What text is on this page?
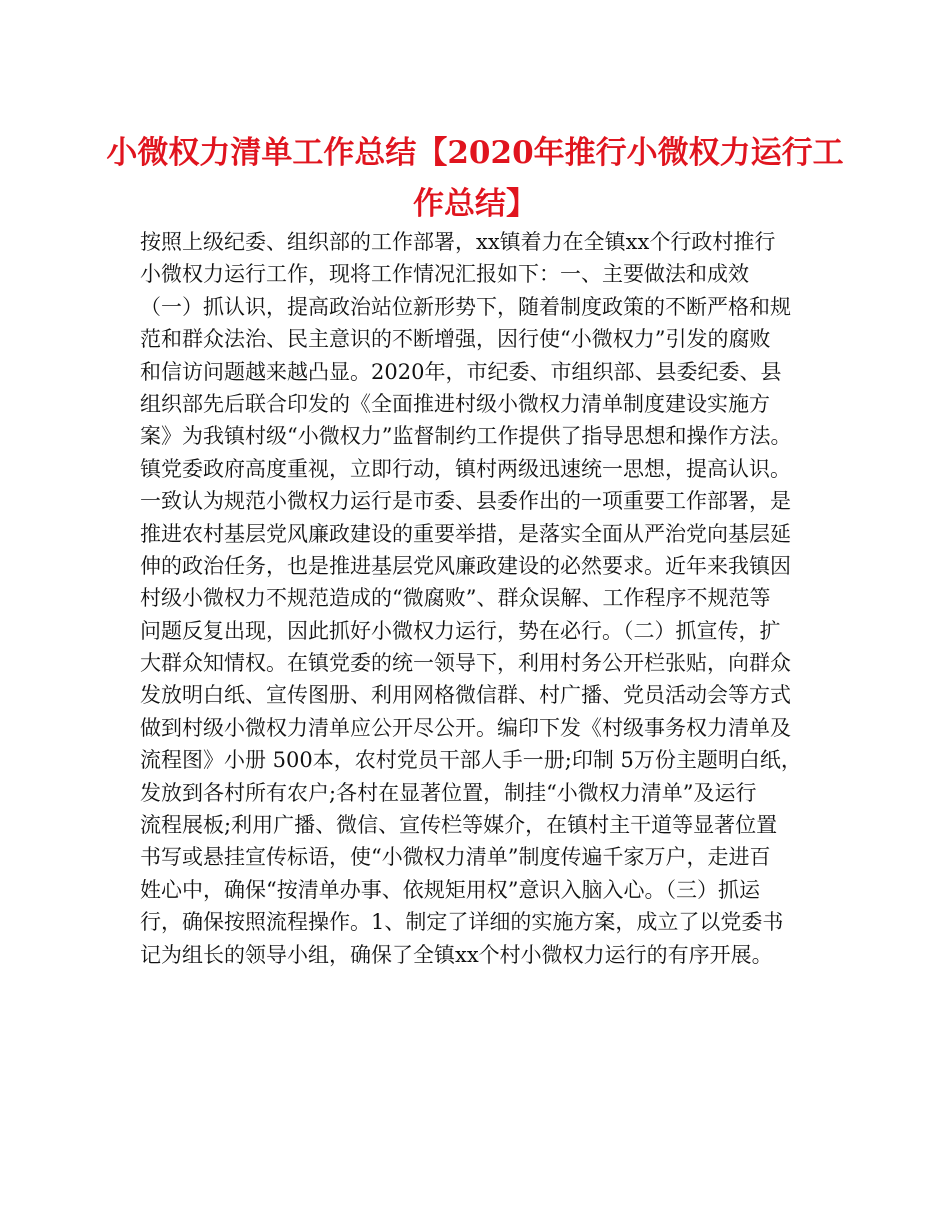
小微权力清单工作总结【2020年推行小微权力运行工
作总结】
按照上级纪委、组织部的工作部署，xx镇着力在全镇xx个行政村推行
小微权力运行工作，现将工作情况汇报如下：一、主要做法和成效
（一）抓认识，提高政治站位新形势下，随着制度政策的不断严格和规
范和群众法治、民主意识的不断增强，因行使“小微权力”引发的腐败
和信访问题越来越凸显。2020年，市纪委、市组织部、县委纪委、县
组织部先后联合印发的《全面推进村级小微权力清单制度建设实施方
案》为我镇村级“小微权力”监督制约工作提供了指导思想和操作方法。
镇党委政府高度重视，立即行动，镇村两级迅速统一思想，提高认识。
一致认为规范小微权力运行是市委、县委作出的一项重要工作部署，是
推进农村基层党风廉政建设的重要举措，是落实全面从严治党向基层延
伸的政治任务，也是推进基层党风廉政建设的必然要求。近年来我镇因
村级小微权力不规范造成的“微腐败”、群众误解、工作程序不规范等
问题反复出现，因此抓好小微权力运行，势在必行。（二）抓宣传，扩
大群众知情权。在镇党委的统一领导下，利用村务公开栏张贴，向群众
发放明白纸、宣传图册、利用网格微信群、村广播、党员活动会等方式
做到村级小微权力清单应公开尽公开。编印下发《村级事务权力清单及
流程图》小册 500本，农村党员干部人手一册;印制 5万份主题明白纸，
发放到各村所有农户;各村在显著位置，制挂“小微权力清单”及运行
流程展板;利用广播、微信、宣传栏等媒介，在镇村主干道等显著位置
书写或悬挂宣传标语，使“小微权力清单”制度传遍千家万户，走进百
姓心中，确保“按清单办事、依规矩用权”意识入脑入心。（三）抓运
行，确保按照流程操作。1、制定了详细的实施方案，成立了以党委书
记为组长的领导小组，确保了全镇xx个村小微权力运行的有序开展。
